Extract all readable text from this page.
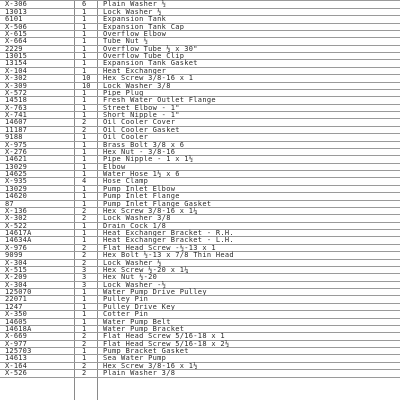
X-306	6	Plain Washer ½
13013	1	Lock Washer ½
6101	1	Expansion Tank
X-506	1	Expansion Tank Cap
X-615	1	Overflow Elbow
X-664	1	Tube Nut ½
2229	1	Overflow Tube ½ x 30"
13015	1	Overflow Tube Clip
13154	1	Expansion Tank Gasket
X-104	1	Heat Exchanger
X-302	10 Hex Screw 3/8-16 x 1
X-309	10 Lock Washer 3/8
X-572	1	Pipe Plug
14518	1	Fresh Water Outlet Flange
X-763	1	Street Elbow - 1"
X-741	1	Short Nipple - 1"
14607	2	Oil Cooler Cover
11187	2	Oil Cooler Gasket
9188	1	Oil Cooler
X-975	1	Brass Bolt 3/8 x 6
X-276	1	Hex Nut - 3/8-16
14621	1	Pipe Nipple - 1 x 1½
13029	1	Elbow
14625	1	Water Hose 1½ x 6
X-935	4	Hose Clamp
13029	1	Pump Inlet Elbow
14620	1	Pump Inlet Flange
87	1	Pump Inlet Flange Gasket
X-136	2	Hex Screw 3/8-16 x 1¼
X-302	2	Lock Washer 3/8
X-522	1	Drain Cock 1/8
14617A	1	Heat Exchanger Bracket - R.H.
14634A	1	Heat Exchanger Bracket - L.H.
X-976	2	Flat Head Screw -½-13 x 1
9099	2	Hex Bolt ½-13 x 7/8 Thin Head
X-304	2	Lock Washer ½
X-515	3	Hex Screw ½-20 x 1¼
X-209	3	Hex Nut ½-20
X-304	3	Lock Washer -½
125070	1	Water Pump Drive Pulley
22071	1	Pulley Pin
1247	1	Pulley Drive Key
X-350	1	Cotter Pin
14605	1	Water Pump Belt
14618A	1	Water Pump Bracket
X-669	2	Flat Head Screw 5/16-18 x 1
X-977	2	Flat Head Screw 5/16-18 x 2½
125703	1	Pump Bracket Gasket
14613	1	Sea Water Pump
X-164	2	Hex Screw 3/8-16 x 1½
X-526	2	Plain Washer 3/8
